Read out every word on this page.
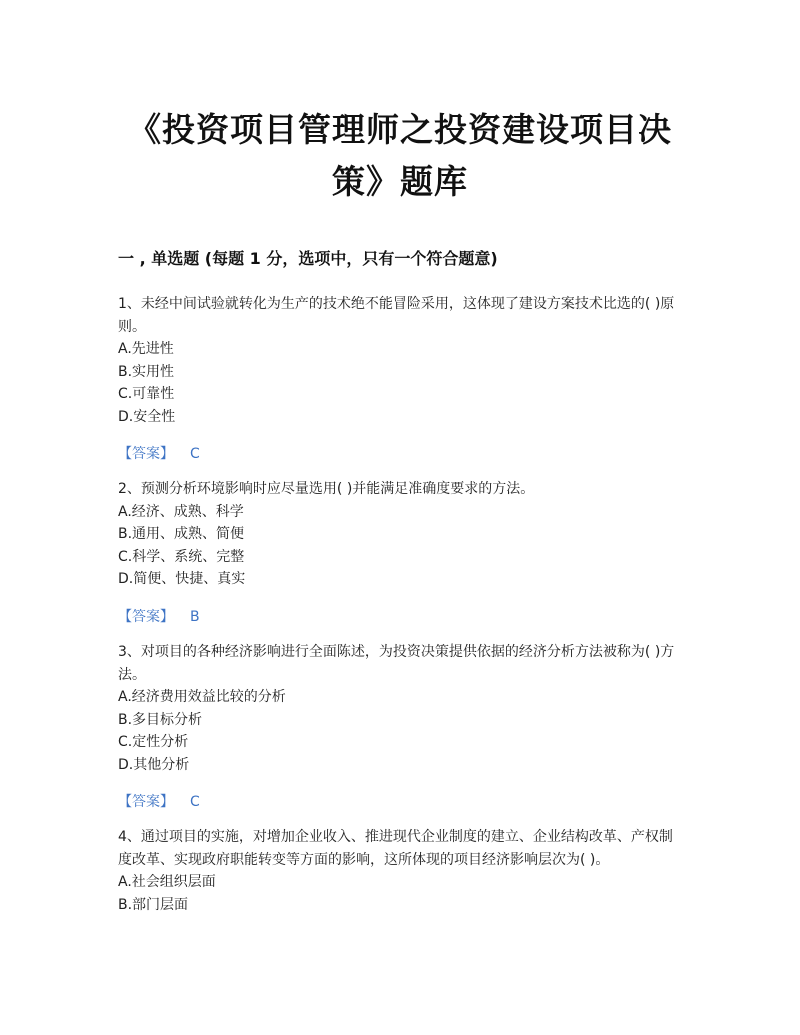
《投资项目管理师之投资建设项目决
策》题库
一 , 单选题 (每题 1 分，选项中，只有一个符合题意)

1、未经中间试验就转化为生产的技术绝不能冒险采用，这体现了建设方案技术比选的( )原则。

A.先进性

B.实用性

C.可靠性

D.安全性

【答案】 C

2、预测分析环境影响时应尽量选用( )并能满足准确度要求的方法。

A.经济、成熟、科学

B.通用、成熟、简便

C.科学、系统、完整

D.简便、快捷、真实

【答案】 B

3、对项目的各种经济影响进行全面陈述，为投资决策提供依据的经济分析方法被称为( )方法。

A.经济费用效益比较的分析

B.多目标分析

C.定性分析

D.其他分析

【答案】 C

4、通过项目的实施，对增加企业收入、推进现代企业制度的建立、企业结构改革、产权制度改革、实现政府职能转变等方面的影响，这所体现的项目经济影响层次为( )。

A.社会组织层面

B.部门层面
